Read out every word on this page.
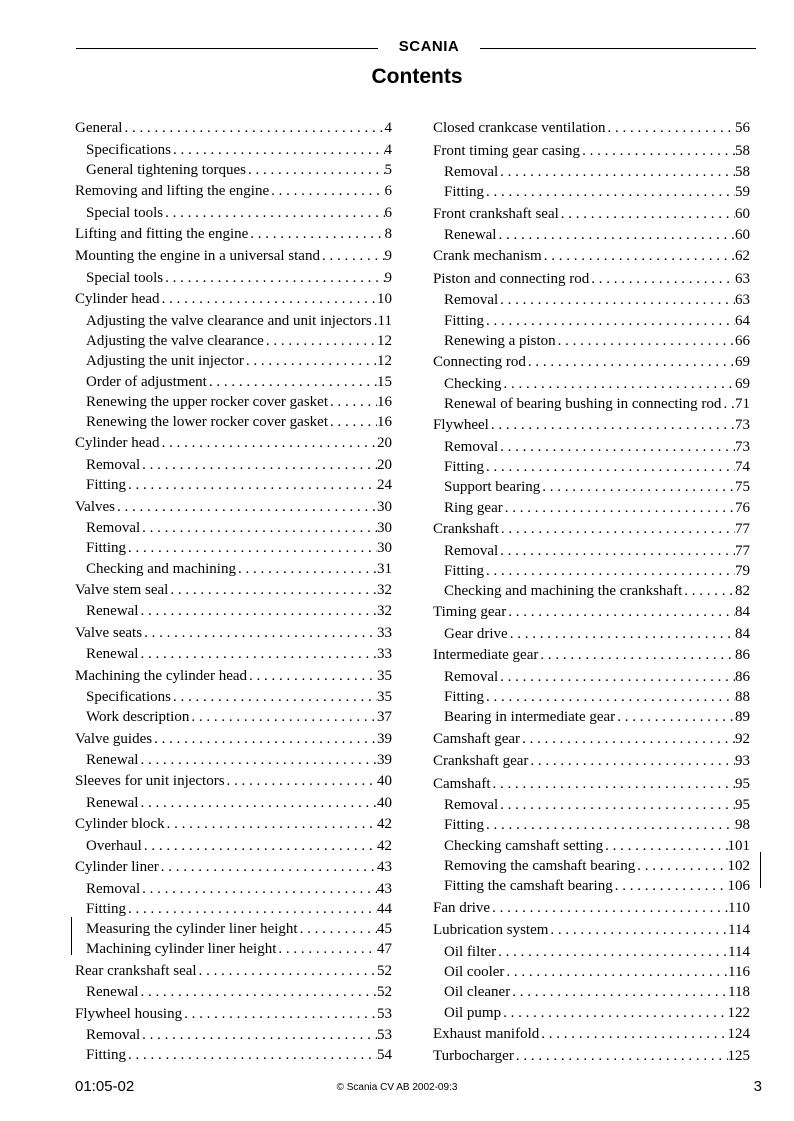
SCANIA
Contents
General . . .	4
Specifications . . .	4
General tightening torques . . .	5
Removing and lifting the engine . . .	6
Special tools . . .	6
Lifting and fitting the engine . . .	8
Mounting the engine in a universal stand . . .	9
Special tools . . .	9
Cylinder head . . .	10
Adjusting the valve clearance and unit injectors . . . 11
Adjusting the valve clearance . . .	12
Adjusting the unit injector . . .	12
Order of adjustment . . .	15
Renewing the upper rocker cover gasket . . .	16
Renewing the lower rocker cover gasket . . .	16
Cylinder head . . .	20
Removal . . .	20
Fitting . . .	24
Valves . . .	30
Removal . . .	30
Fitting . . .	30
Checking and machining . . .	31
Valve stem seal . . .	32
Renewal . . .	32
Valve seats . . .	33
Renewal . . .	33
Machining the cylinder head . . .	35
Specifications . . .	35
Work description . . .	37
Valve guides . . .	39
Renewal . . .	39
Sleeves for unit injectors . . .	40
Renewal . . .	40
Cylinder block . . .	42
Overhaul . . .	42
Cylinder liner . . .	43
Removal . . .	43
Fitting . . .	44
Measuring the cylinder liner height . . .	45
Machining cylinder liner height . . .	47
Rear crankshaft seal . . .	52
Renewal . . .	52
Flywheel housing . . .	53
Removal . . .	53
Fitting . . .	54
Closed crankcase ventilation . . .	56
Front timing gear casing . . .	58
Removal . . .	58
Fitting . . .	59
Front crankshaft seal . . .	60
Renewal . . .	60
Crank mechanism . . .	62
Piston and connecting rod . . .	63
Removal . . .	63
Fitting . . .	64
Renewing a piston . . .	66
Connecting rod . . .	69
Checking . . .	69
Renewal of bearing bushing in connecting rod . . . 71
Flywheel . . .	73
Removal . . .	73
Fitting . . .	74
Support bearing . . .	75
Ring gear . . .	76
Crankshaft . . .	77
Removal . . .	77
Fitting . . .	79
Checking and machining the crankshaft . . .	82
Timing gear . . .	84
Gear drive . . .	84
Intermediate gear . . .	86
Removal . . .	86
Fitting . . .	88
Bearing in intermediate gear . . .	89
Camshaft gear . . .	92
Crankshaft gear . . .	93
Camshaft . . .	95
Removal . . .	95
Fitting . . .	98
Checking camshaft setting . . .	101
Removing the camshaft bearing . . .	102
Fitting the camshaft bearing . . .	106
Fan drive . . .	110
Lubrication system . . .	114
Oil filter . . .	114
Oil cooler . . .	116
Oil cleaner . . .	118
Oil pump . . .	122
Exhaust manifold . . .	124
Turbocharger . . .	125
01:05-02	© Scania CV AB 2002-09:3	3
